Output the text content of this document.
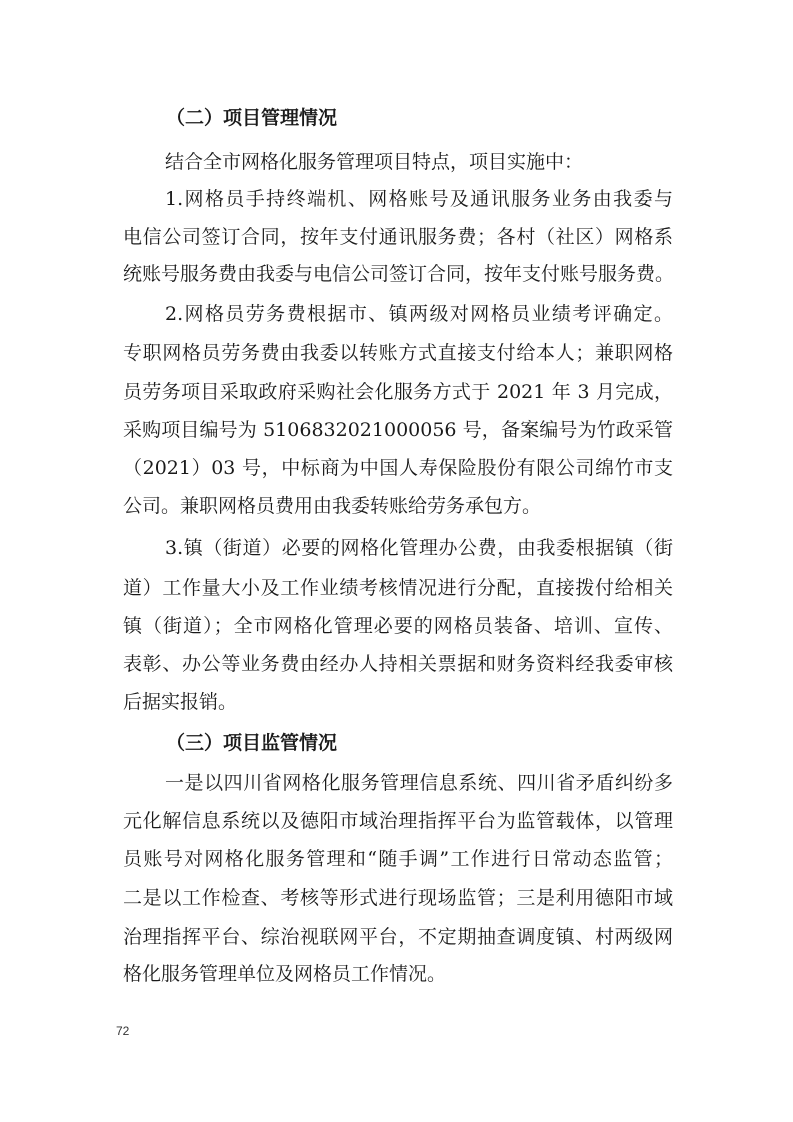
（二）项目管理情况

结合全市网格化服务管理项目特点，项目实施中：

1.网格员手持终端机、网格账号及通讯服务业务由我委与

电信公司签订合同，按年支付通讯服务费；各村（社区）网格系

统账号服务费由我委与电信公司签订合同，按年支付账号服务费。

2.网格员劳务费根据市、镇两级对网格员业绩考评确定。

专职网格员劳务费由我委以转账方式直接支付给本人；兼职网格

员劳务项目采取政府采购社会化服务方式于 2021 年 3 月完成，

采购项目编号为 5106832021000056 号，备案编号为竹政采管

（2021）03 号，中标商为中国人寿保险股份有限公司绵竹市支

公司。兼职网格员费用由我委转账给劳务承包方。

3.镇（街道）必要的网格化管理办公费，由我委根据镇（街

道）工作量大小及工作业绩考核情况进行分配，直接拨付给相关

镇（街道）；全市网格化管理必要的网格员装备、培训、宣传、

表彰、办公等业务费由经办人持相关票据和财务资料经我委审核

后据实报销。

（三）项目监管情况

一是以四川省网格化服务管理信息系统、四川省矛盾纠纷多

元化解信息系统以及德阳市域治理指挥平台为监管载体，以管理

员账号对网格化服务管理和“随手调”工作进行日常动态监管；

二是以工作检查、考核等形式进行现场监管；三是利用德阳市域

治理指挥平台、综治视联网平台，不定期抽查调度镇、村两级网

格化服务管理单位及网格员工作情况。

72
